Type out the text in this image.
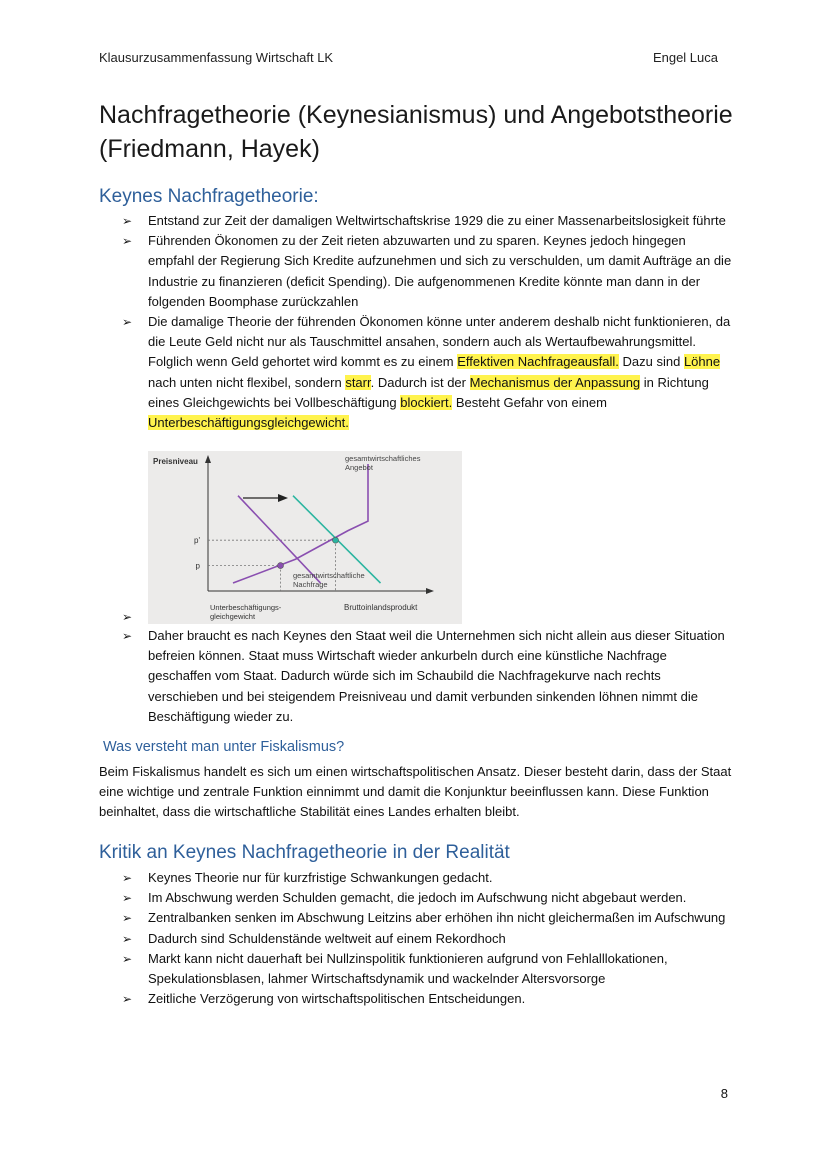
Klausurzusammenfassung Wirtschaft LK	Engel Luca
Nachfragetheorie (Keynesianismus) und Angebotstheorie (Friedmann, Hayek)
Keynes Nachfragetheorie:
➢ Entstand zur Zeit der damaligen Weltwirtschaftskrise 1929 die zu einer Massenarbeitslosigkeit führte
➢ Führenden Ökonomen zu der Zeit rieten abzuwarten und zu sparen. Keynes jedoch hingegen empfahl der Regierung Sich Kredite aufzunehmen und sich zu verschulden, um damit Aufträge an die Industrie zu finanzieren (deficit Spending). Die aufgenommenen Kredite könnte man dann in der folgenden Boomphase zurückzahlen
➢ Die damalige Theorie der führenden Ökonomen könne unter anderem deshalb nicht funktionieren, da die Leute Geld nicht nur als Tauschmittel ansahen, sondern auch als Wertaufbewahrungsmittel. Folglich wenn Geld gehortet wird kommt es zu einem Effektiven Nachfrageausfall. Dazu sind Löhne nach unten nicht flexibel, sondern starr. Dadurch ist der Mechanismus der Anpassung in Richtung eines Gleichgewichts bei Vollbeschäftigung blockiert. Besteht Gefahr von einem Unterbeschäftigungsgleichgewicht.
p
p'
Preisniveau
Bruttoinlandsprodukt
gesamtwirtschaftliches Angebot
gesamtwirtschaftliche Nachfrage
Unterbeschäftigungs-gleichgewicht
➢
➢ Daher braucht es nach Keynes den Staat weil die Unternehmen sich nicht allein aus dieser Situation befreien können. Staat muss Wirtschaft wieder ankurbeln durch eine künstliche Nachfrage geschaffen vom Staat. Dadurch würde sich im Schaubild die Nachfragekurve nach rechts verschieben und bei steigendem Preisniveau und damit verbunden sinkenden löhnen nimmt die Beschäftigung wieder zu.
Was versteht man unter Fiskalismus?

Beim Fiskalismus handelt es sich um einen wirtschaftspolitischen Ansatz. Dieser besteht darin, dass der Staat eine wichtige und zentrale Funktion einnimmt und damit die Konjunktur beeinflussen kann. Diese Funktion beinhaltet, dass die wirtschaftliche Stabilität eines Landes erhalten bleibt.

Kritik an Keynes Nachfragetheorie in der Realität
➢ Keynes Theorie nur für kurzfristige Schwankungen gedacht.
➢ Im Abschwung werden Schulden gemacht, die jedoch im Aufschwung nicht abgebaut werden.
➢ Zentralbanken senken im Abschwung Leitzins aber erhöhen ihn nicht gleichermaßen im Aufschwung
➢ Dadurch sind Schuldenstände weltweit auf einem Rekordhoch
➢ Markt kann nicht dauerhaft bei Nullzinspolitik funktionieren aufgrund von Fehlalllokationen, Spekulationsblasen, lahmer Wirtschaftsdynamik und wackelnder Altersvorsorge
➢ Zeitliche Verzögerung von wirtschaftspolitischen Entscheidungen.
8
